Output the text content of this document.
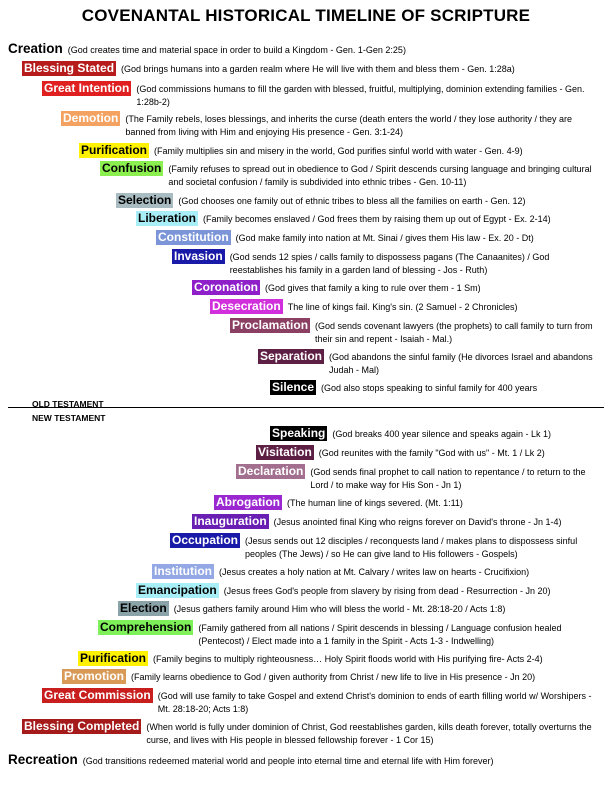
COVENANTAL HISTORICAL TIMELINE OF SCRIPTURE
Creation (God creates time and material space in order to build a Kingdom - Gen. 1-Gen 2:25)
Blessing Stated (God brings humans into a garden realm where He will live with them and bless them - Gen. 1:28a)
Great Intention (God commissions humans to fill the garden with blessed, fruitful, multiplying, dominion extending families - Gen. 1:28b-2)
Demotion (The Family rebels, loses blessings, and inherits the curse (death enters the world / they lose authority / they are banned from living with Him and enjoying His presence - Gen. 3:1-24)
Purification (Family multiplies sin and misery in the world, God purifies sinful world with water - Gen. 4-9)
Confusion (Family refuses to spread out in obedience to God / Spirit descends cursing language and bringing cultural and societal confusion / family is subdivided into ethnic tribes - Gen. 10-11)
Selection (God chooses one family out of ethnic tribes to bless all the families on earth - Gen. 12)
Liberation (Family becomes enslaved / God frees them by raising them up out of Egypt - Ex. 2-14)
Constitution (God make family into nation at Mt. Sinai / gives them His law - Ex. 20 - Dt)
Invasion (God sends 12 spies / calls family to dispossess pagans (The Canaanites) / God reestablishes his family in a garden land of blessing - Jos - Ruth)
Coronation (God gives that family a king to rule over them - 1 Sm)
Desecration The line of kings fail. King's sin. (2 Samuel - 2 Chronicles)
Proclamation (God sends covenant lawyers (the prophets) to call family to turn from their sin and repent - Isaiah - Mal.)
Separation (God abandons the sinful family (He divorces Israel and abandons Judah - Mal)
Silence (God also stops speaking to sinful family for 400 years
OLD TESTAMENT
NEW TESTAMENT
Speaking (God breaks 400 year silence and speaks again - Lk 1)
Visitation (God reunites with the family "God with us" - Mt. 1 / Lk 2)
Declaration (God sends final prophet to call nation to repentance / to return to the Lord / to make way for His Son - Jn 1)
Abrogation (The human line of kings severed. (Mt. 1:11)
Inauguration (Jesus anointed final King who reigns forever on David's throne - Jn 1-4)
Occupation (Jesus sends out 12 disciples / reconquests land / makes plans to dispossess sinful peoples (The Jews) / so He can give land to His followers - Gospels)
Institution (Jesus creates a holy nation at Mt. Calvary / writes law on hearts - Crucifixion)
Emancipation (Jesus frees God's people from slavery by rising from dead - Resurrection - Jn 20)
Election (Jesus gathers family around Him who will bless the world - Mt. 28:18-20 / Acts 1:8)
Comprehension (Family gathered from all nations / Spirit descends in blessing / Language confusion healed (Pentecost) / Elect made into a 1 family in the Spirit - Acts 1-3 - Indwelling)
Purification (Family begins to multiply righteousness… Holy Spirit floods world with His purifying fire- Acts 2-4)
Promotion (Family learns obedience to God / given authority from Christ / new life to live in His presence - Jn 20)
Great Commission (God will use family to take Gospel and extend Christ's dominion to ends of earth filling world w/ Worshipers - Mt. 28:18-20; Acts 1:8)
Blessing Completed (When world is fully under dominion of Christ, God reestablishes garden, kills death forever, totally overturns the curse, and lives with His people in blessed fellowship forever - 1 Cor 15)
Recreation (God transitions redeemed material world and people into eternal time and eternal life with Him forever)
